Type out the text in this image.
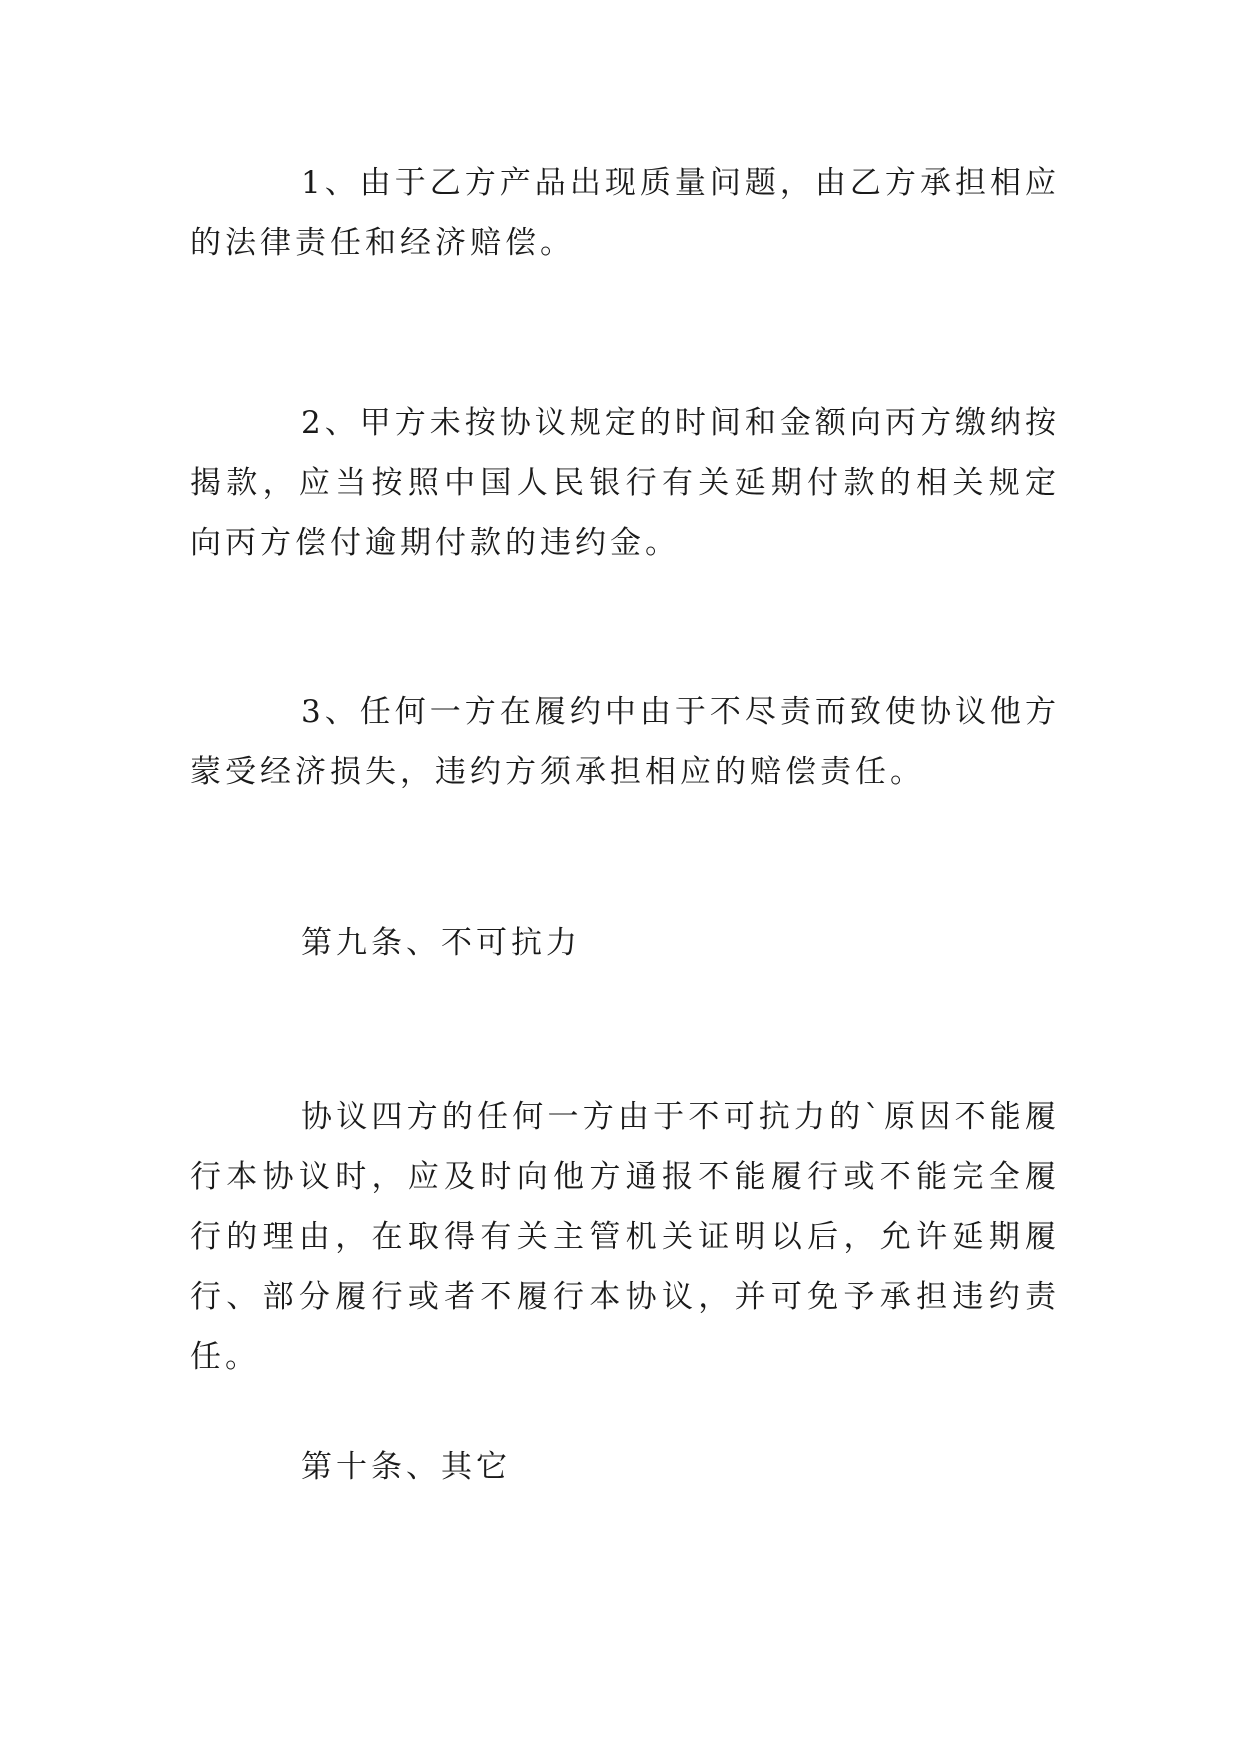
1、由于乙方产品出现质量问题，由乙方承担相应的法律责任和经济赔偿。

2、甲方未按协议规定的时间和金额向丙方缴纳按揭款，应当按照中国人民银行有关延期付款的相关规定向丙方偿付逾期付款的违约金。

3、任何一方在履约中由于不尽责而致使协议他方蒙受经济损失，违约方须承担相应的赔偿责任。

第九条、不可抗力

协议四方的任何一方由于不可抗力的`原因不能履行本协议时，应及时向他方通报不能履行或不能完全履行的理由，在取得有关主管机关证明以后，允许延期履行、部分履行或者不履行本协议，并可免予承担违约责任。

第十条、其它
